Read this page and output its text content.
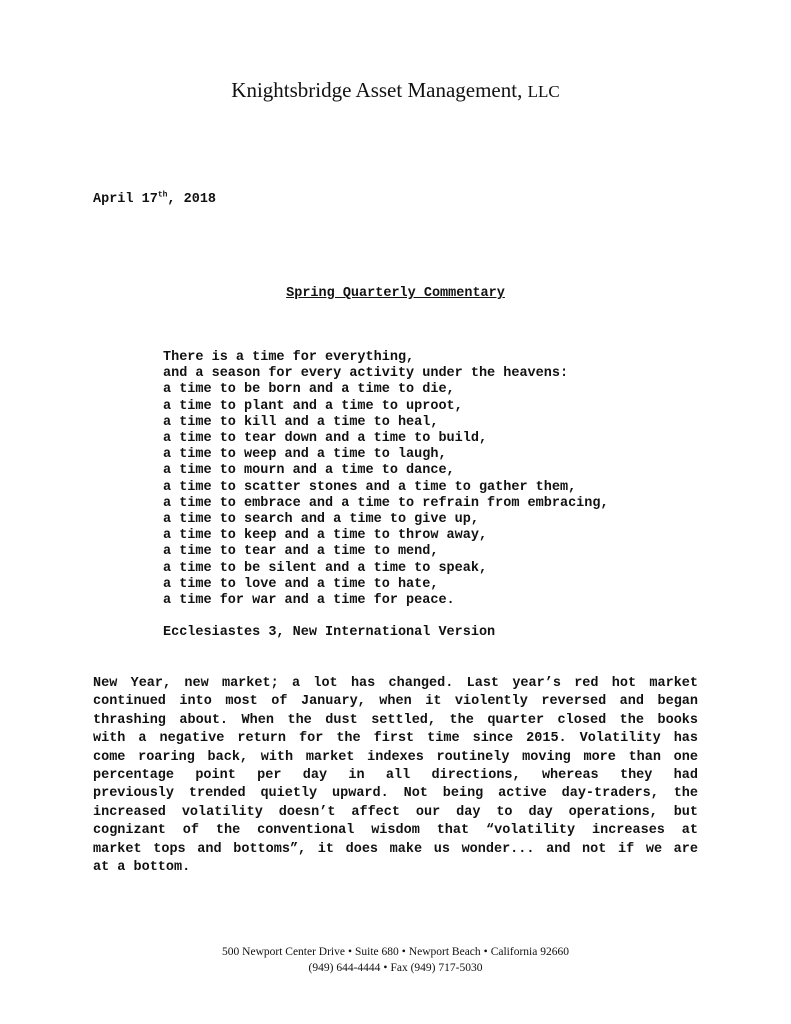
Knightsbridge Asset Management, LLC
April 17th, 2018
Spring Quarterly Commentary
There is a time for everything,
and a season for every activity under the heavens:
a time to be born and a time to die,
a time to plant and a time to uproot,
a time to kill and a time to heal,
a time to tear down and a time to build,
a time to weep and a time to laugh,
a time to mourn and a time to dance,
a time to scatter stones and a time to gather them,
a time to embrace and a time to refrain from embracing,
a time to search and a time to give up,
a time to keep and a time to throw away,
a time to tear and a time to mend,
a time to be silent and a time to speak,
a time to love and a time to hate,
a time for war and a time for peace.
Ecclesiastes 3, New International Version

New Year, new market; a lot has changed. Last year’s red hot market
continued into most of January, when it violently reversed and began
thrashing about. When the dust settled, the quarter closed the books
with a negative return for the first time since 2015. Volatility has
come roaring back, with market indexes routinely moving more than one
percentage point per day in all directions, whereas they had
previously trended quietly upward. Not being active day-traders, the
increased volatility doesn’t affect our day to day operations, but
cognizant of the conventional wisdom that “volatility increases at
market tops and bottoms”, it does make us wonder... and not if we are
at a bottom.

500 Newport Center Drive • Suite 680 • Newport Beach • California 92660
(949) 644-4444 • Fax (949) 717-5030
